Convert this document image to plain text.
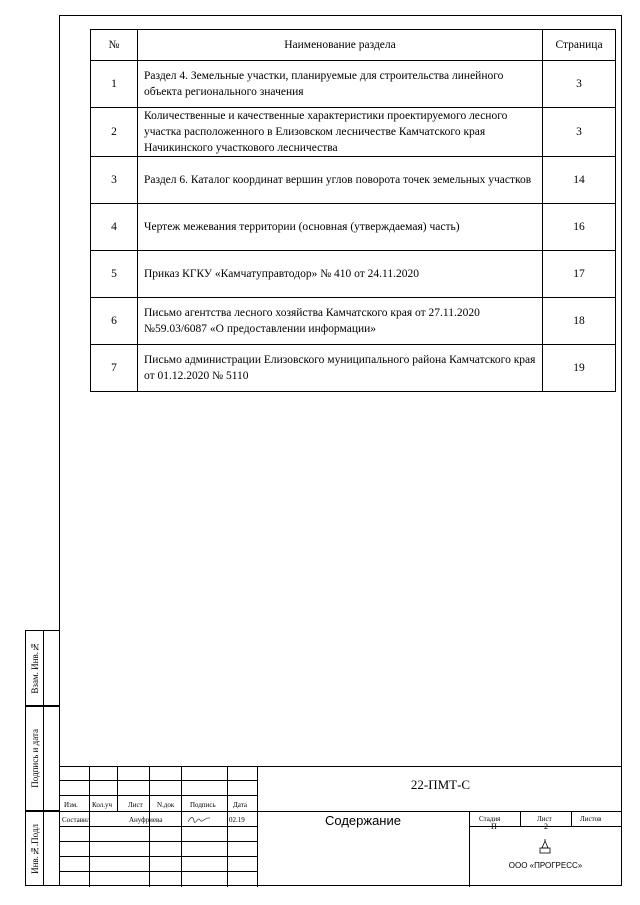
№	Наименование раздела	Страница
1	Раздел 4. Земельные участки, планируемые для строительства линейного объекта регионального значения	3
2	Количественные и качественные характеристики проектируемого лесного участка расположенного в Елизовском лесничестве Камчатского края Начикинского участкового лесничества	3
3	Раздел 6. Каталог координат вершин углов поворота точек земельных участков	14
4	Чертеж межевания территории (основная (утверждаемая) часть)	16
5	Приказ КГКУ «Камчатуправтодор» № 410 от 24.11.2020	17
6	Письмо агентства лесного хозяйства Камчатского края от 27.11.2020 №59.03/6087 «О предоставлении информации»	18
7	Письмо администрации Елизовского муниципального района Камчатского края от 01.12.2020 № 5110	19
Взам. Инв.№
Подпись и дата
Инв.№.Подл
Изм. Кол.уч Лист N.док Подпись Дата
Составил	Ануфриева	02.19
22-ПМТ-С
Содержание	Стадия
П
Лист
2
Листов
ООО «ПРОГРЕСС»
